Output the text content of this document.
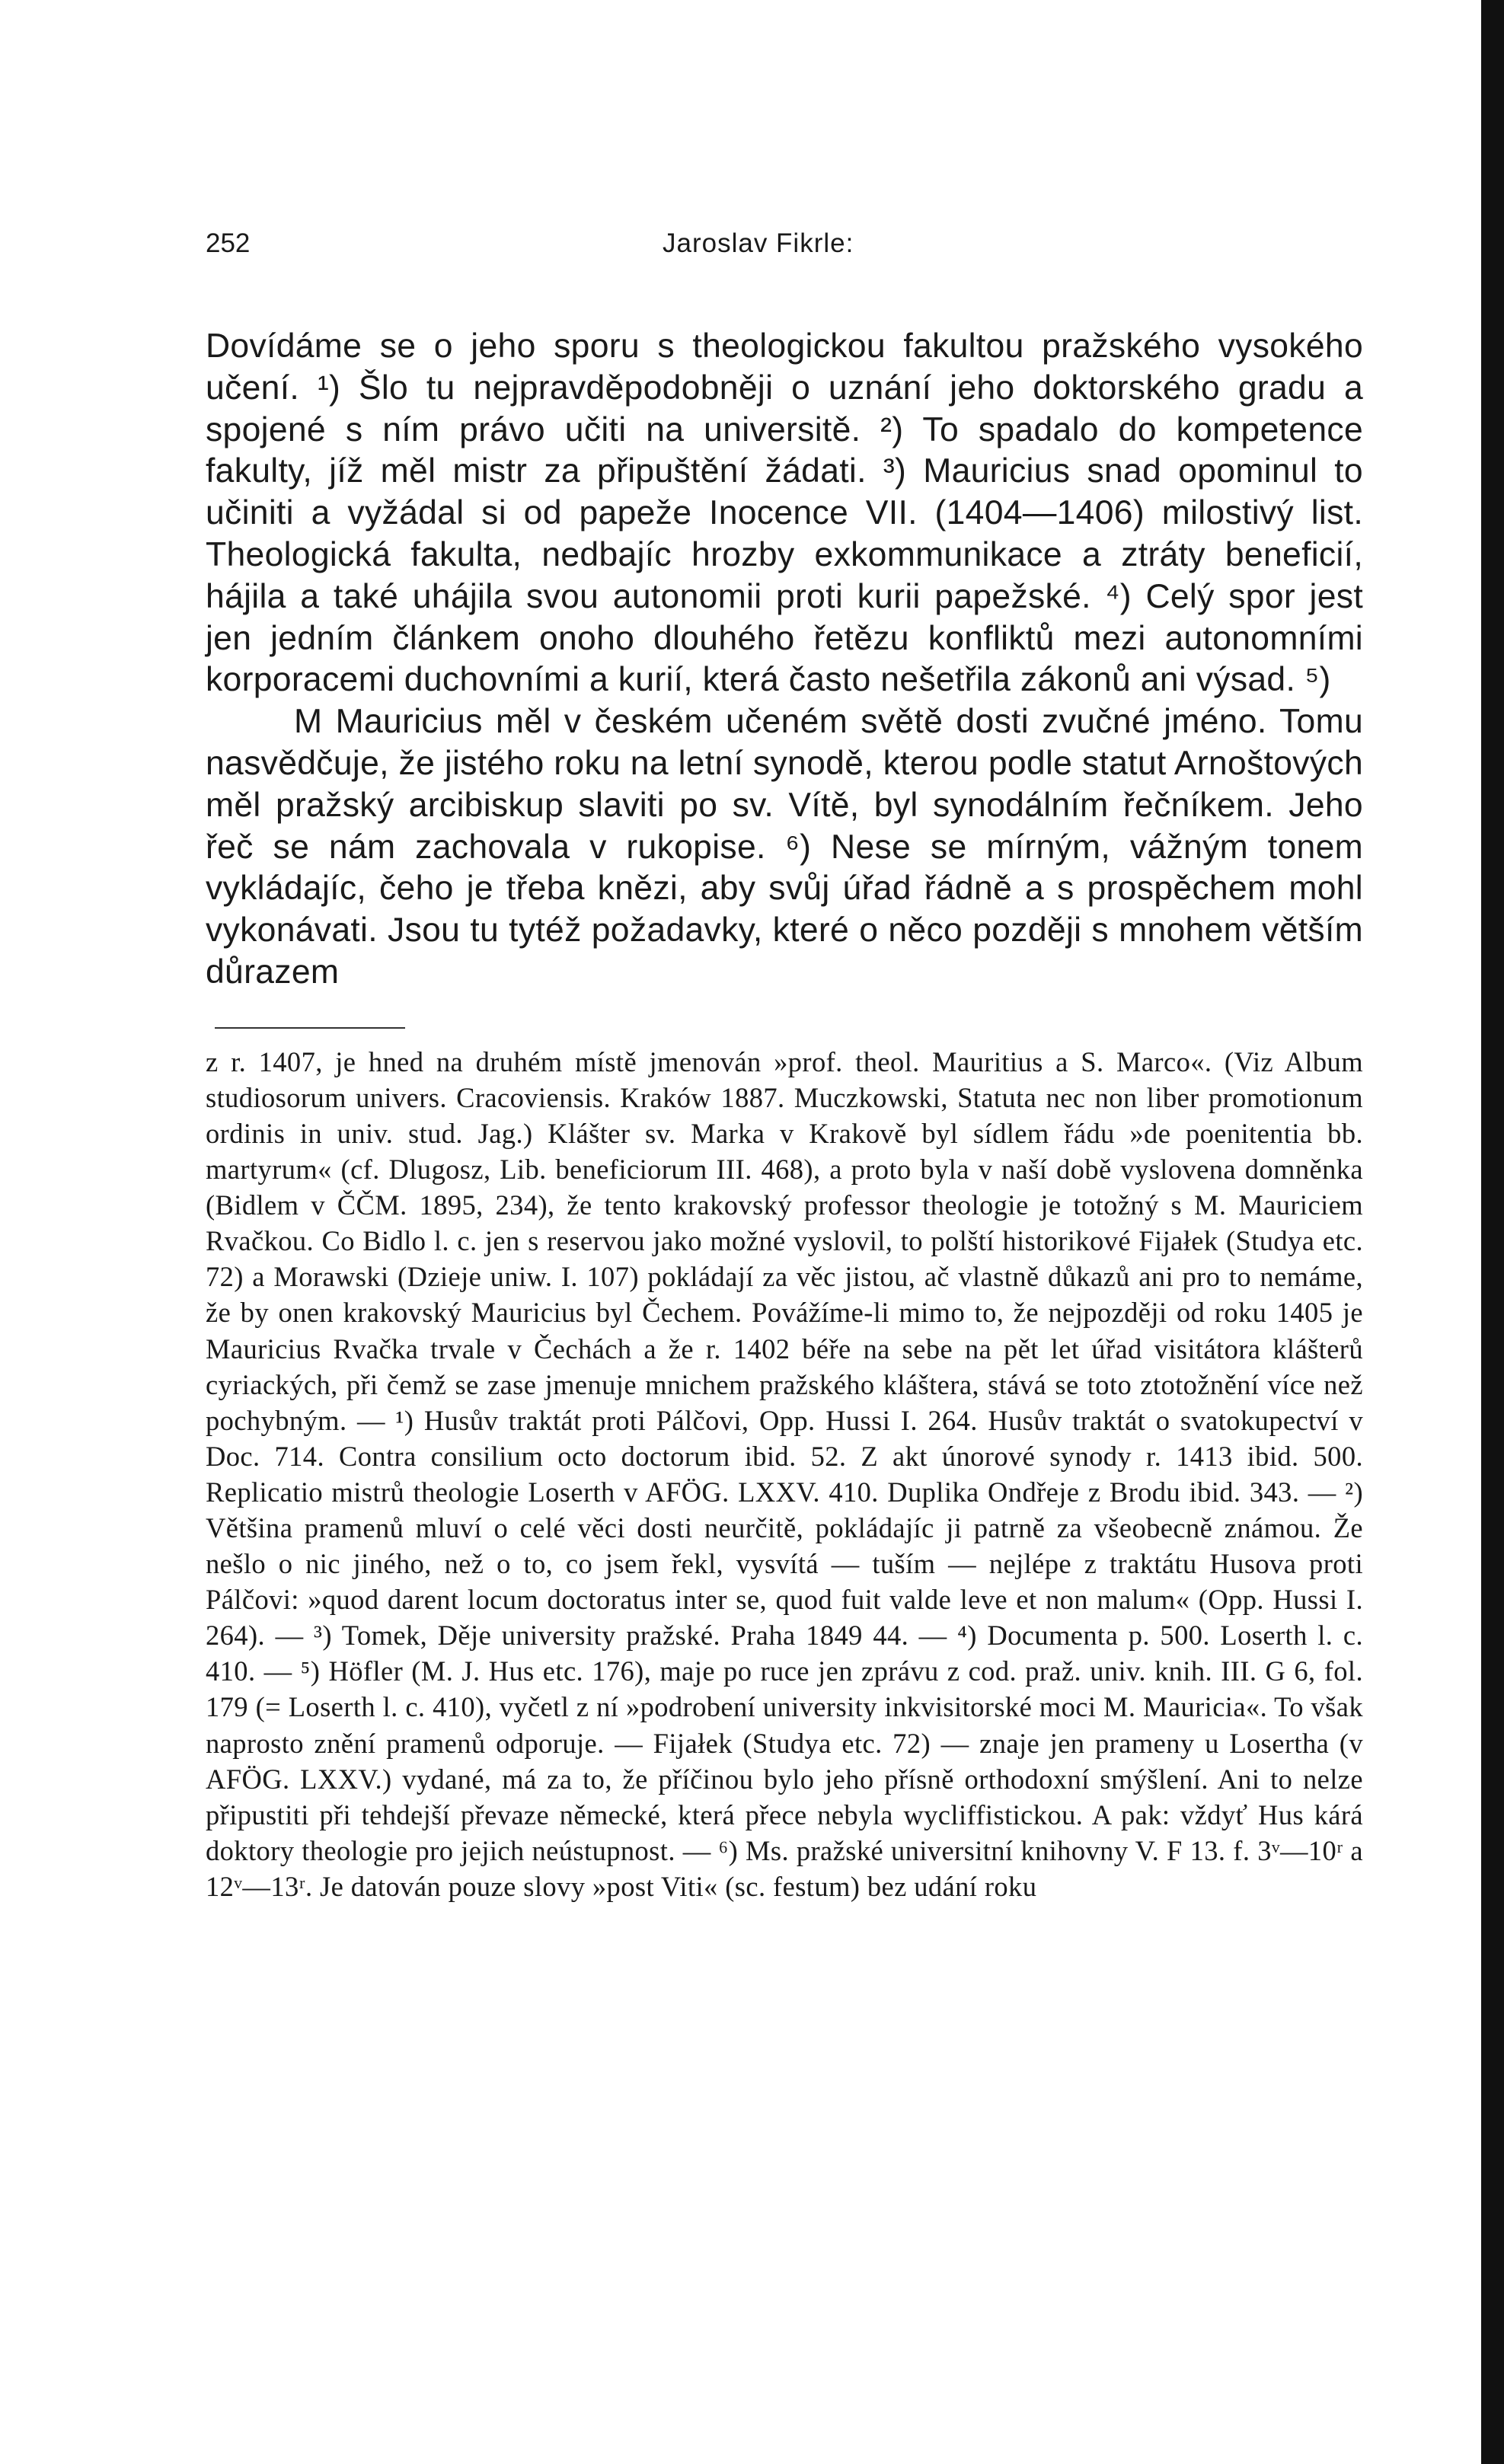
252	Jaroslav Fikrle:

Dovídáme se o jeho sporu s theologickou fakultou pražského vysokého učení. ¹) Šlo tu nejpravděpodobněji o uznání jeho doktorského gradu a spojené s ním právo učiti na universitě. ²) To spadalo do kompetence fakulty, jíž měl mistr za připuštění žádati. ³) Mauricius snad opominul to učiniti a vyžádal si od papeže Inocence VII. (1404—1406) milostivý list. Theologická fakulta, nedbajíc hrozby exkommunikace a ztráty beneficií, hájila a také uhájila svou autonomii proti kurii papežské. ⁴) Celý spor jest jen jedním článkem onoho dlouhého řetězu konfliktů mezi autonomními korporacemi duchovními a kurií, která často nešetřila zákonů ani výsad. ⁵)

M Mauricius měl v českém učeném světě dosti zvučné jméno. Tomu nasvědčuje, že jistého roku na letní synodě, kterou podle statut Arnoštových měl pražský arcibiskup slaviti po sv. Vítě, byl synodálním řečníkem. Jeho řeč se nám zachovala v rukopise. ⁶) Nese se mírným, vážným tonem vykládajíc, čeho je třeba knězi, aby svůj úřad řádně a s prospěchem mohl vykonávati. Jsou tu tytéž požadavky, které o něco později s mnohem větším důrazem

z r. 1407, je hned na druhém místě jmenován »prof. theol. Mauritius a S. Marco«. (Viz Album studiosorum univers. Cracoviensis. Kraków 1887. Muczkowski, Statuta nec non liber promotionum ordinis in univ. stud. Jag.) Klášter sv. Marka v Krakově byl sídlem řádu »de poenitentia bb. martyrum« (cf. Dlugosz, Lib. beneficiorum III. 468), a proto byla v naší době vyslovena domněnka (Bidlem v ČČM. 1895, 234), že tento krakovský professor theologie je totožný s M. Mauriciem Rvačkou. Co Bidlo l. c. jen s reservou jako možné vyslovil, to polští historikové Fijałek (Studya etc. 72) a Morawski (Dzieje uniw. I. 107) pokládají za věc jistou, ač vlastně důkazů ani pro to nemáme, že by onen krakovský Mauricius byl Čechem. Povážíme-li mimo to, že nejpozději od roku 1405 je Mauricius Rvačka trvale v Čechách a že r. 1402 béře na sebe na pět let úřad visitátora klášterů cyriackých, při čemž se zase jmenuje mnichem pražského kláštera, stává se toto ztotožnění více než pochybným. — ¹) Husův traktát proti Pálčovi, Opp. Hussi I. 264. Husův traktát o svatokupectví v Doc. 714. Contra consilium octo doctorum ibid. 52. Z akt únorové synody r. 1413 ibid. 500. Replicatio mistrů theologie Loserth v AFÖG. LXXV. 410. Duplika Ondřeje z Brodu ibid. 343. — ²) Většina pramenů mluví o celé věci dosti neurčitě, pokládajíc ji patrně za všeobecně známou. Že nešlo o nic jiného, než o to, co jsem řekl, vysvítá — tuším — nejlépe z traktátu Husova proti Pálčovi: »quod darent locum doctoratus inter se, quod fuit valde leve et non malum« (Opp. Hussi I. 264). — ³) Tomek, Děje university pražské. Praha 1849 44. — ⁴) Documenta p. 500. Loserth l. c. 410. — ⁵) Höfler (M. J. Hus etc. 176), maje po ruce jen zprávu z cod. praž. univ. knih. III. G 6, fol. 179 (= Loserth l. c. 410), vyčetl z ní »podrobení university inkvisitorské moci M. Mauricia«. To však naprosto znění pramenů odporuje. — Fijałek (Studya etc. 72) — znaje jen prameny u Losertha (v AFÖG. LXXV.) vydané, má za to, že příčinou bylo jeho přísně orthodoxní smýšlení. Ani to nelze připustiti při tehdejší převaze německé, která přece nebyla wycliffistickou. A pak: vždyť Hus kárá doktory theologie pro jejich neústupnost. — ⁶) Ms. pražské universitní knihovny V. F 13. f. 3ᵛ—10ʳ a 12ᵛ—13ʳ. Je datován pouze slovy »post Viti« (sc. festum) bez udání roku
